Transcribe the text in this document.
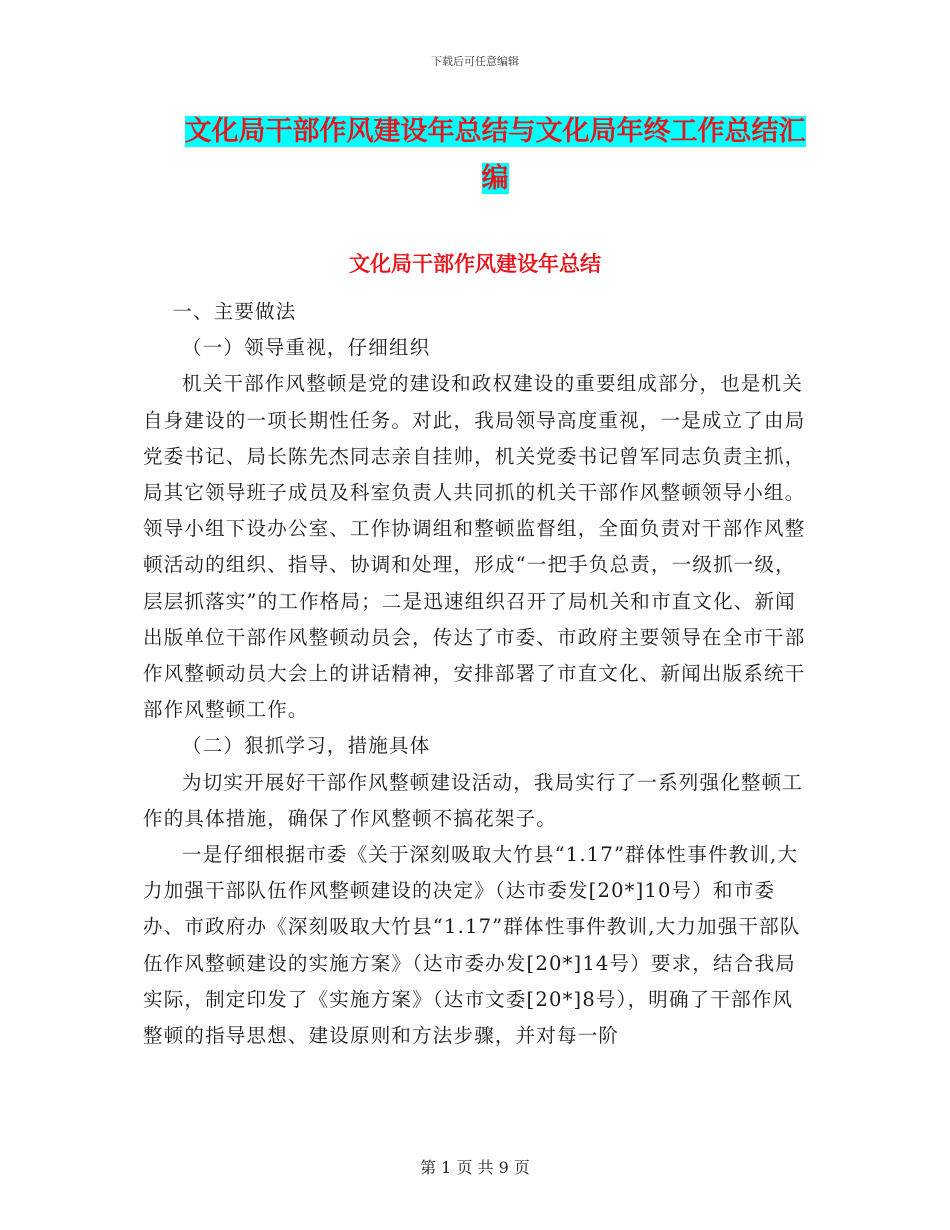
下载后可任意编辑
文化局干部作风建设年总结与文化局年终工作总结汇编
文化局干部作风建设年总结

一、主要做法

（一）领导重视，仔细组织

机关干部作风整顿是党的建设和政权建设的重要组成部分，也是机关自身建设的一项长期性任务。对此，我局领导高度重视，一是成立了由局党委书记、局长陈先杰同志亲自挂帅，机关党委书记曾军同志负责主抓，局其它领导班子成员及科室负责人共同抓的机关干部作风整顿领导小组。领导小组下设办公室、工作协调组和整顿监督组，全面负责对干部作风整顿活动的组织、指导、协调和处理，形成“一把手负总责，一级抓一级，层层抓落实”的工作格局；二是迅速组织召开了局机关和市直文化、新闻出版单位干部作风整顿动员会，传达了市委、市政府主要领导在全市干部作风整顿动员大会上的讲话精神，安排部署了市直文化、新闻出版系统干部作风整顿工作。

（二）狠抓学习，措施具体

为切实开展好干部作风整顿建设活动，我局实行了一系列强化整顿工作的具体措施，确保了作风整顿不搞花架子。

一是仔细根据市委《关于深刻吸取大竹县“1.17”群体性事件教训,大力加强干部队伍作风整顿建设的决定》（达市委发[20*]10号）和市委办、市政府办《深刻吸取大竹县“1.17”群体性事件教训,大力加强干部队伍作风整顿建设的实施方案》（达市委办发[20*]14号）要求，结合我局实际，制定印发了《实施方案》（达市文委[20*]8号），明确了干部作风整顿的指导思想、建设原则和方法步骤，并对每一阶

第 1 页 共 9 页
